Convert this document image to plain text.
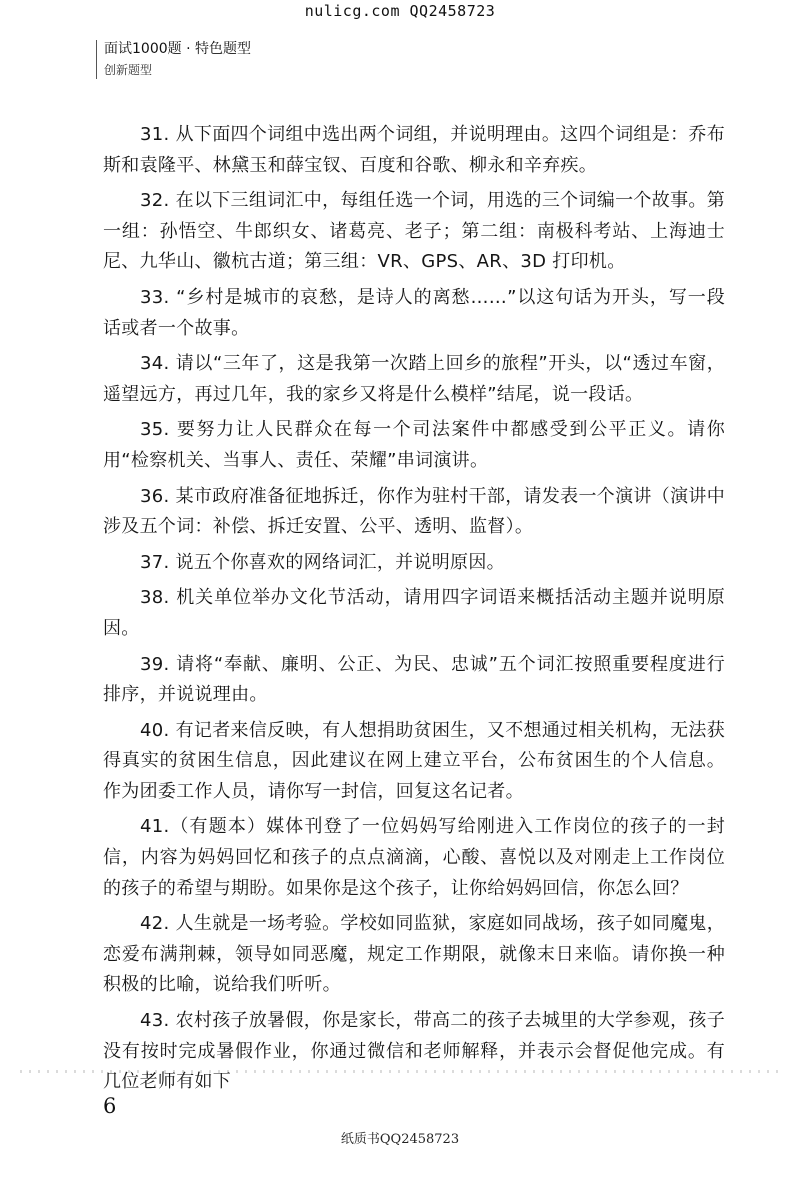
nulicg.com QQ2458723
面试1000题 · 特色题型
创新题型

31. 从下面四个词组中选出两个词组，并说明理由。这四个词组是：乔布斯和袁隆平、林黛玉和薛宝钗、百度和谷歌、柳永和辛弃疾。

32. 在以下三组词汇中，每组任选一个词，用选的三个词编一个故事。第一组：孙悟空、牛郎织女、诸葛亮、老子；第二组：南极科考站、上海迪士尼、九华山、徽杭古道；第三组：VR、GPS、AR、3D 打印机。

33. “乡村是城市的哀愁，是诗人的离愁……”以这句话为开头，写一段话或者一个故事。

34. 请以“三年了，这是我第一次踏上回乡的旅程”开头，以“透过车窗，遥望远方，再过几年，我的家乡又将是什么模样”结尾，说一段话。

35. 要努力让人民群众在每一个司法案件中都感受到公平正义。请你用“检察机关、当事人、责任、荣耀”串词演讲。

36. 某市政府准备征地拆迁，你作为驻村干部，请发表一个演讲（演讲中涉及五个词：补偿、拆迁安置、公平、透明、监督）。

37. 说五个你喜欢的网络词汇，并说明原因。

38. 机关单位举办文化节活动，请用四字词语来概括活动主题并说明原因。

39. 请将“奉献、廉明、公正、为民、忠诚”五个词汇按照重要程度进行排序，并说说理由。

40. 有记者来信反映，有人想捐助贫困生，又不想通过相关机构，无法获得真实的贫困生信息，因此建议在网上建立平台，公布贫困生的个人信息。作为团委工作人员，请你写一封信，回复这名记者。

41.（有题本）媒体刊登了一位妈妈写给刚进入工作岗位的孩子的一封信，内容为妈妈回忆和孩子的点点滴滴，心酸、喜悦以及对刚走上工作岗位的孩子的希望与期盼。如果你是这个孩子，让你给妈妈回信，你怎么回？

42. 人生就是一场考验。学校如同监狱，家庭如同战场，孩子如同魔鬼，恋爱布满荆棘，领导如同恶魔，规定工作期限，就像末日来临。请你换一种积极的比喻，说给我们听听。

43. 农村孩子放暑假，你是家长，带高二的孩子去城里的大学参观，孩子没有按时完成暑假作业，你通过微信和老师解释，并表示会督促他完成。有几位老师有如下

6
纸质书QQ2458723
